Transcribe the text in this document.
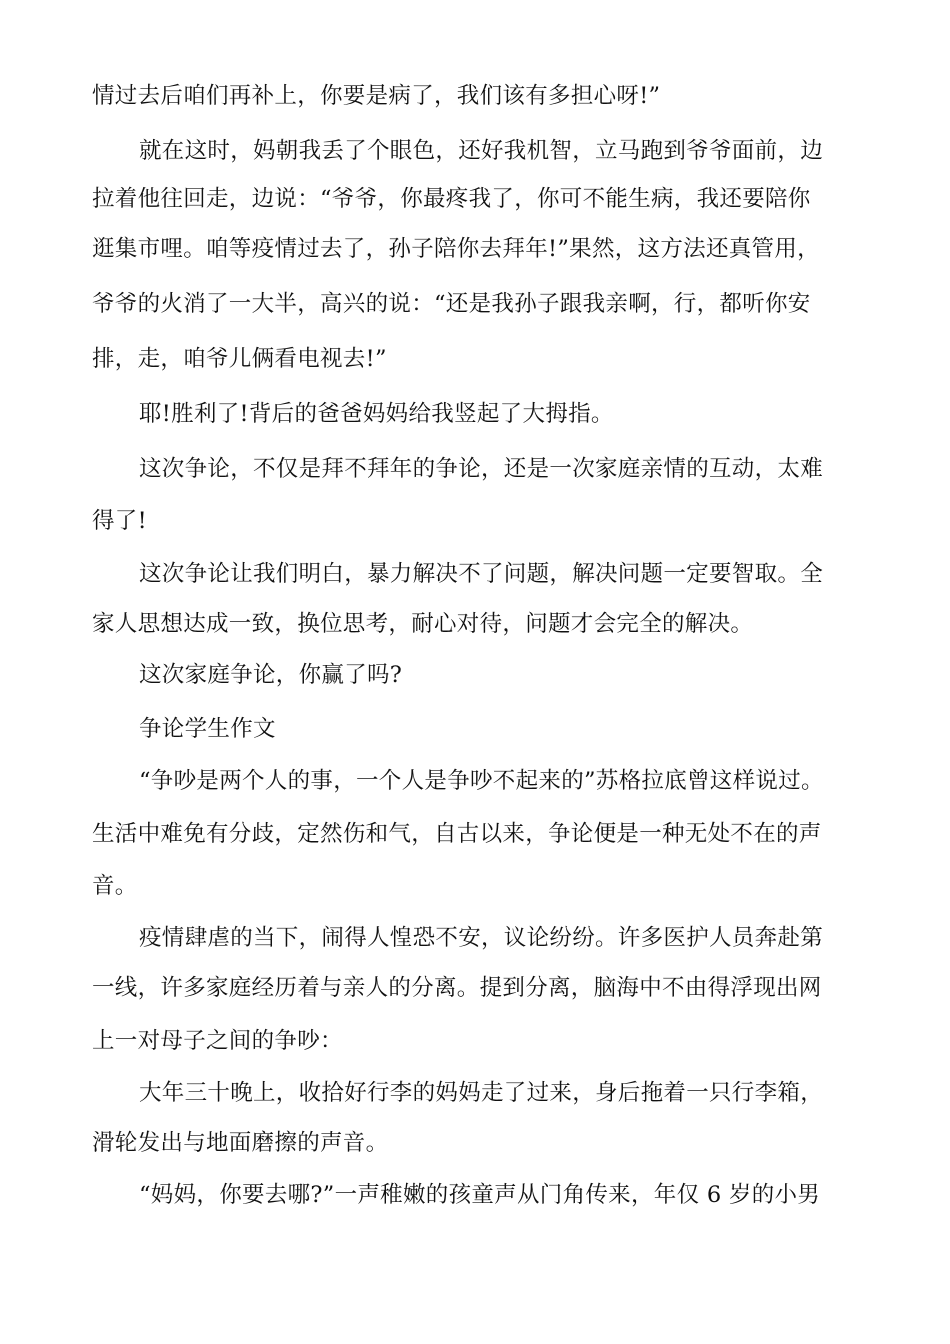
情过去后咱们再补上，你要是病了，我们该有多担心呀!”
就在这时，妈朝我丢了个眼色，还好我机智，立马跑到爷爷面前，边
拉着他往回走，边说：“爷爷，你最疼我了，你可不能生病，我还要陪你
逛集市哩。咱等疫情过去了，孙子陪你去拜年!”果然，这方法还真管用，
爷爷的火消了一大半，高兴的说：“还是我孙子跟我亲啊，行，都听你安
排，走，咱爷儿俩看电视去!”
耶!胜利了!背后的爸爸妈妈给我竖起了大拇指。
这次争论，不仅是拜不拜年的争论，还是一次家庭亲情的互动，太难
得了!
这次争论让我们明白，暴力解决不了问题，解决问题一定要智取。全
家人思想达成一致，换位思考，耐心对待，问题才会完全的解决。
这次家庭争论，你赢了吗?
争论学生作文
“争吵是两个人的事，一个人是争吵不起来的”苏格拉底曾这样说过。
生活中难免有分歧，定然伤和气，自古以来，争论便是一种无处不在的声
音。
疫情肆虐的当下，闹得人惶恐不安，议论纷纷。许多医护人员奔赴第
一线，许多家庭经历着与亲人的分离。提到分离，脑海中不由得浮现出网
上一对母子之间的争吵：
大年三十晚上，收拾好行李的妈妈走了过来，身后拖着一只行李箱，
滑轮发出与地面磨擦的声音。
“妈妈，你要去哪?”一声稚嫩的孩童声从门角传来，年仅 6 岁的小男
